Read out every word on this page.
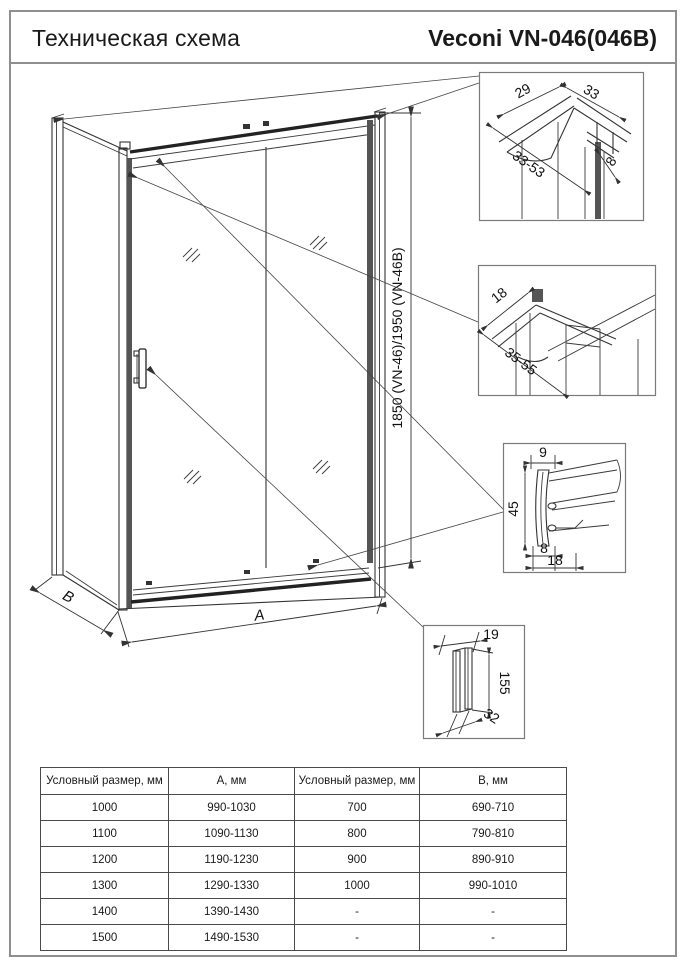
Техническая схема	Veconi VN-046(046B)
1850 (VN-46)/1950 (VN-46B)
A
B
29	33
33-53	8
18
35-55
9
45
8
18
19
155
32
Условный размер, мм	А, мм	Условный размер, мм	В, мм
1000	990-1030	700	690-710
1100	1090-1130	800	790-810
1200	1190-1230	900	890-910
1300	1290-1330	1000	990-1010
1400	1390-1430	-	-
1500	1490-1530	-	-
